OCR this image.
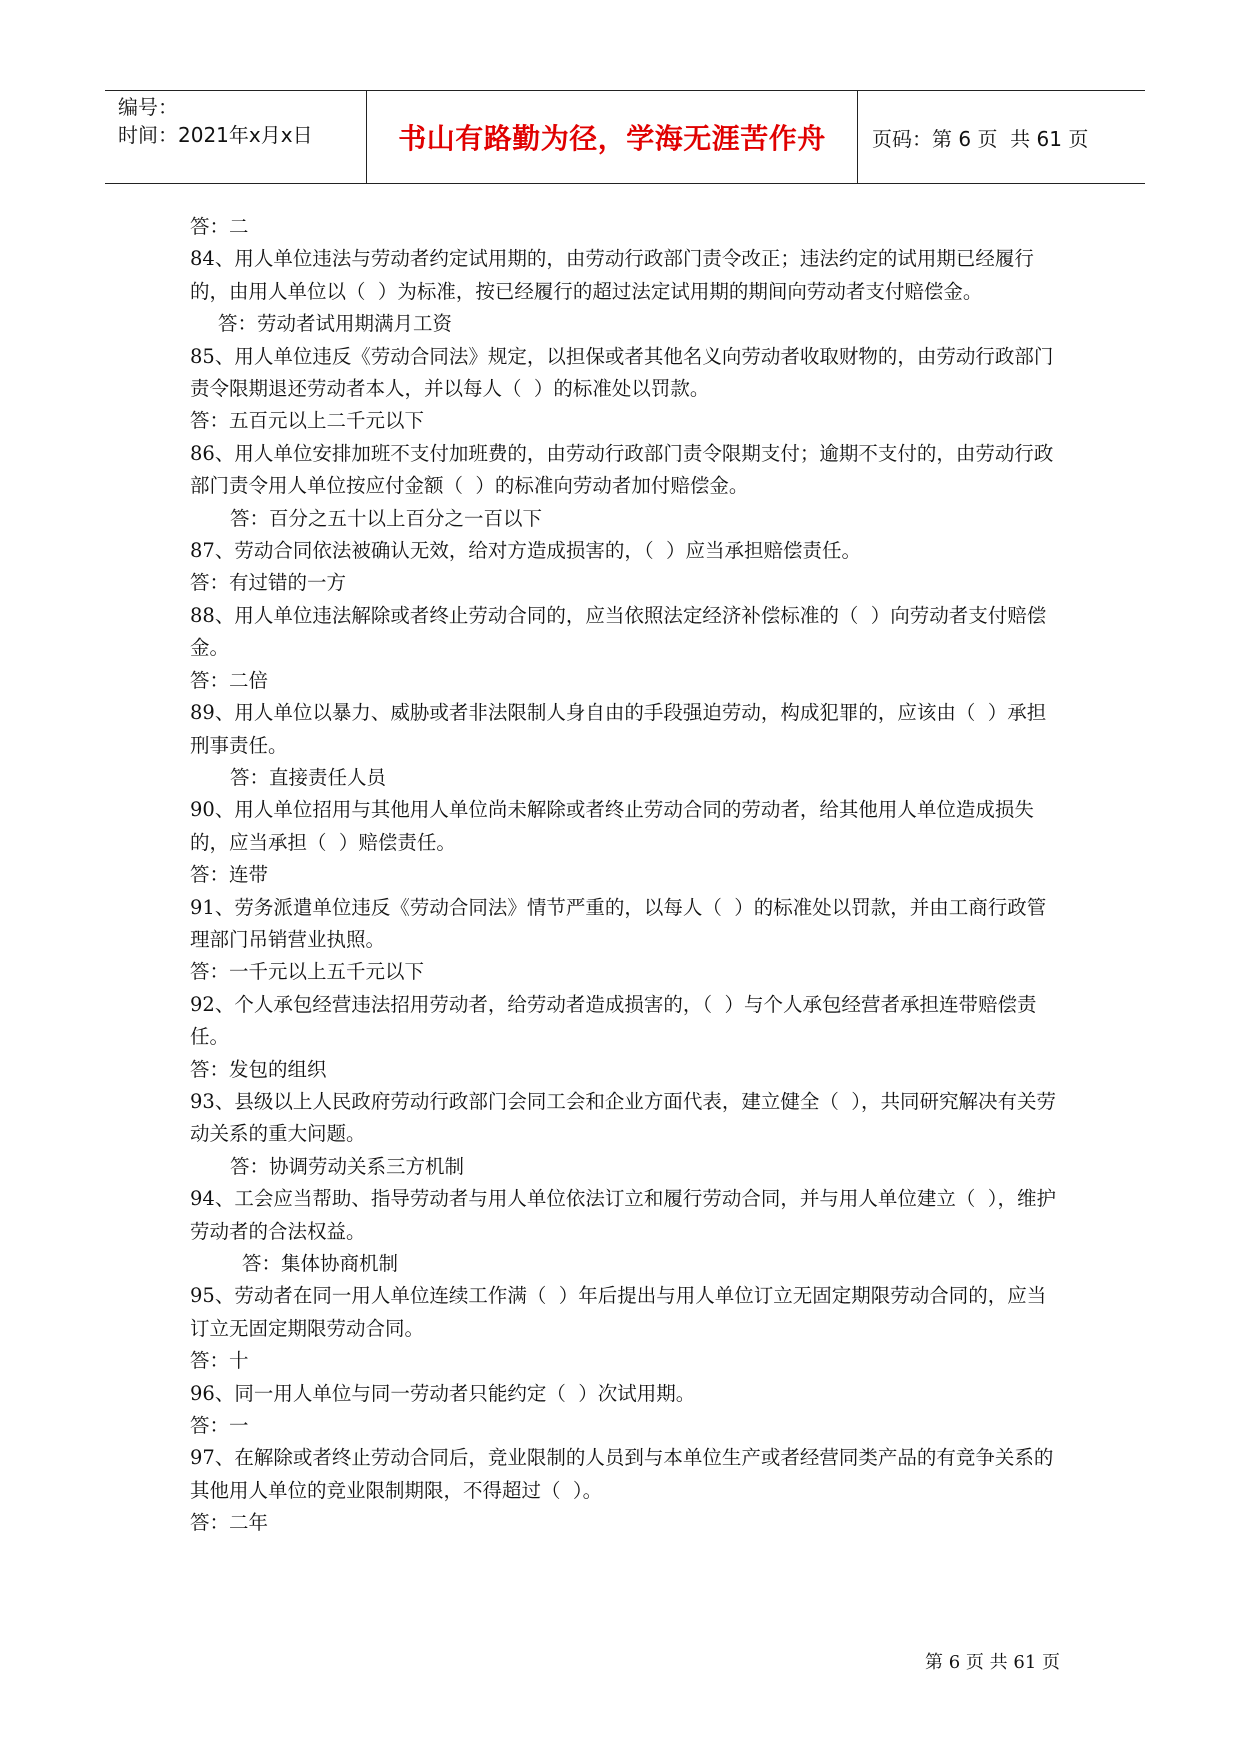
编号：
时间：2021年x月x日	书山有路勤为径，学海无涯苦作舟 页码：第 6 页  共 61 页

答：二

84、用人单位违法与劳动者约定试用期的，由劳动行政部门责令改正；违法约定的试用期已经履行的，由用人单位以（  ）为标准，按已经履行的超过法定试用期的期间向劳动者支付赔偿金。

答：劳动者试用期满月工资

85、用人单位违反《劳动合同法》规定，以担保或者其他名义向劳动者收取财物的，由劳动行政部门责令限期退还劳动者本人，并以每人（  ）的标准处以罚款。

答：五百元以上二千元以下

86、用人单位安排加班不支付加班费的，由劳动行政部门责令限期支付；逾期不支付的，由劳动行政部门责令用人单位按应付金额（  ）的标准向劳动者加付赔偿金。

答：百分之五十以上百分之一百以下

87、劳动合同依法被确认无效，给对方造成损害的，（  ）应当承担赔偿责任。

答：有过错的一方

88、用人单位违法解除或者终止劳动合同的，应当依照法定经济补偿标准的（  ）向劳动者支付赔偿金。

答：二倍

89、用人单位以暴力、威胁或者非法限制人身自由的手段强迫劳动，构成犯罪的，应该由（  ）承担刑事责任。

答：直接责任人员

90、用人单位招用与其他用人单位尚未解除或者终止劳动合同的劳动者，给其他用人单位造成损失的，应当承担（  ）赔偿责任。

答：连带

91、劳务派遣单位违反《劳动合同法》情节严重的，以每人（  ）的标准处以罚款，并由工商行政管理部门吊销营业执照。

答：一千元以上五千元以下

92、个人承包经营违法招用劳动者，给劳动者造成损害的，（  ）与个人承包经营者承担连带赔偿责任。

答：发包的组织

93、县级以上人民政府劳动行政部门会同工会和企业方面代表，建立健全（  ），共同研究解决有关劳动关系的重大问题。

答：协调劳动关系三方机制

94、工会应当帮助、指导劳动者与用人单位依法订立和履行劳动合同，并与用人单位建立（  ），维护劳动者的合法权益。

答：集体协商机制

95、劳动者在同一用人单位连续工作满（  ）年后提出与用人单位订立无固定期限劳动合同的，应当订立无固定期限劳动合同。

答：十

96、同一用人单位与同一劳动者只能约定（  ）次试用期。

答：一

97、在解除或者终止劳动合同后，竞业限制的人员到与本单位生产或者经营同类产品的有竞争关系的其他用人单位的竞业限制期限，不得超过（  ）。

答：二年

第 6 页 共 61 页
